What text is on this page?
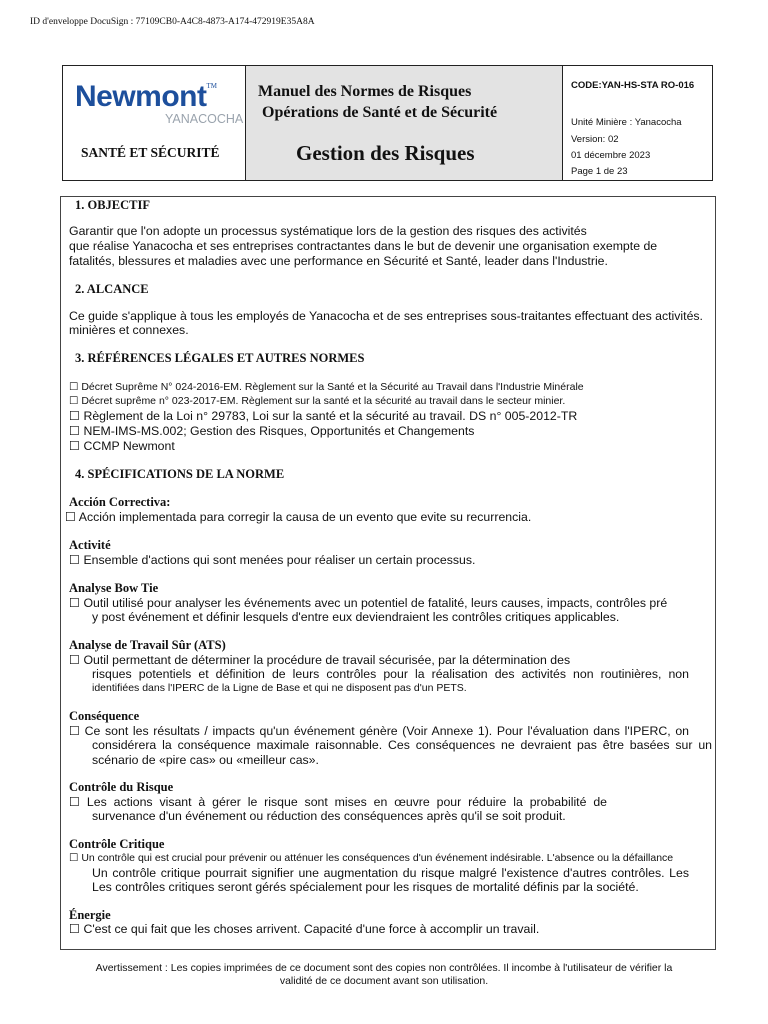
ID d'enveloppe DocuSign : 77109CB0-A4C8-4873-A174-472919E35A8A
Newmont™
YANACOCHA
SANTÉ ET SÉCURITÉ
Manuel des Normes de Risques
Opérations de Santé et de Sécurité
Gestion des Risques
CODE:YAN-HS-STA RO-016
Unité Minière : Yanacocha
Version: 02
01 décembre 2023
Page 1 de 23
1. OBJECTIF
Garantir que l'on adopte un processus systématique lors de la gestion des risques des activités
que réalise Yanacocha et ses entreprises contractantes dans le but de devenir une organisation exempte de
fatalités, blessures et maladies avec une performance en Sécurité et Santé, leader dans l'Industrie.
2. ALCANCE
Ce guide s'applique à tous les employés de Yanacocha et de ses entreprises sous-traitantes effectuant des activités.
minières et connexes.
3. RÉFÉRENCES LÉGALES ET AUTRES NORMES
☐ Décret Suprême N° 024-2016-EM. Règlement sur la Santé et la Sécurité au Travail dans l'Industrie Minérale
☐ Décret suprême n° 023-2017-EM. Règlement sur la santé et la sécurité au travail dans le secteur minier.
☐ Règlement de la Loi n° 29783, Loi sur la santé et la sécurité au travail. DS n° 005-2012-TR
☐ NEM-IMS-MS.002; Gestion des Risques, Opportunités et Changements
☐ CCMP Newmont
4. SPÉCIFICATIONS DE LA NORME
Acción Correctiva:
☐ Acción implementada para corregir la causa de un evento que evite su recurrencia.
Activité
☐ Ensemble d'actions qui sont menées pour réaliser un certain processus.
Analyse Bow Tie
☐ Outil utilisé pour analyser les événements avec un potentiel de fatalité, leurs causes, impacts, contrôles pré
y post événement et définir lesquels d'entre eux deviendraient les contrôles critiques applicables.
Analyse de Travail Sûr (ATS)
☐ Outil permettant de déterminer la procédure de travail sécurisée, par la détermination des
risques potentiels et définition de leurs contrôles pour la réalisation des activités non routinières, non
identifiées dans l'IPERC de la Ligne de Base et qui ne disposent pas d'un PETS.
Conséquence
☐ Ce sont les résultats / impacts qu'un événement génère (Voir Annexe 1). Pour l'évaluation dans l'IPERC, on
considérera la conséquence maximale raisonnable. Ces conséquences ne devraient pas être basées sur un
scénario de «pire cas» ou «meilleur cas».
Contrôle du Risque
☐ Les actions visant à gérer le risque sont mises en œuvre pour réduire la probabilité de
survenance d'un événement ou réduction des conséquences après qu'il se soit produit.
Contrôle Critique
☐ Un contrôle qui est crucial pour prévenir ou atténuer les conséquences d'un événement indésirable. L'absence ou la défaillance
Un contrôle critique pourrait signifier une augmentation du risque malgré l'existence d'autres contrôles. Les
Les contrôles critiques seront gérés spécialement pour les risques de mortalité définis par la société.
Énergie
☐ C'est ce qui fait que les choses arrivent. Capacité d'une force à accomplir un travail.
Avertissement : Les copies imprimées de ce document sont des copies non contrôlées. Il incombe à l'utilisateur de vérifier la
validité de ce document avant son utilisation.
